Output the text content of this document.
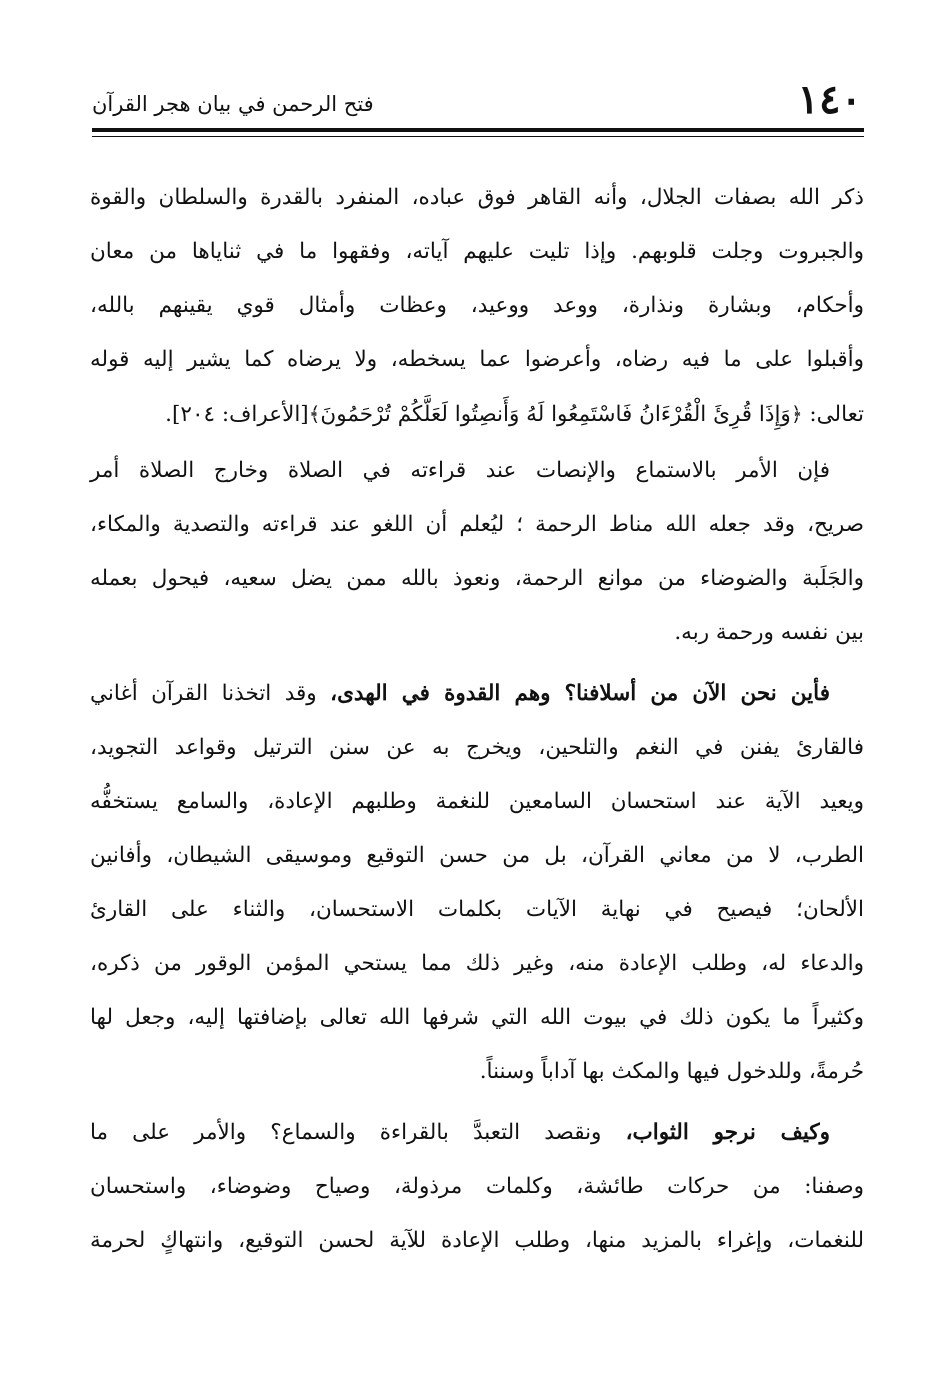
١٤٠
فتح الرحمن في بيان هجر القرآن

ذكر الله بصفات الجلال، وأنه القاهر فوق عباده، المنفرد بالقدرة والسلطان والقوة
والجبروت وجلت قلوبهم. وإذا تليت عليهم آياته، وفقهوا ما في ثناياها من معان
وأحكام، وبشارة ونذارة، ووعد ووعيد، وعظات وأمثال قوي يقينهم بالله،
وأقبلوا على ما فيه رضاه، وأعرضوا عما يسخطه، ولا يرضاه كما يشير إليه قوله
تعالى: ﴿وَإِذَا قُرِئَ الْقُرْءَانُ فَاسْتَمِعُوا لَهُ وَأَنصِتُوا لَعَلَّكُمْ تُرْحَمُونَ﴾[الأعراف: ٢٠٤].

فإن الأمر بالاستماع والإنصات عند قراءته في الصلاة وخارج الصلاة أمر
صريح، وقد جعله الله مناط الرحمة ؛ ليُعلم أن اللغو عند قراءته والتصدية والمكاء،
والجَلَبة والضوضاء من موانع الرحمة، ونعوذ بالله ممن يضل سعيه، فيحول بعمله
بين نفسه ورحمة ربه.

فأين نحن الآن من أسلافنا؟ وهم القدوة في الهدى، وقد اتخذنا القرآن أغاني
فالقارئ يفنن في النغم والتلحين، ويخرج به عن سنن الترتيل وقواعد التجويد،
ويعيد الآية عند استحسان السامعين للنغمة وطلبهم الإعادة، والسامع يستخفُّه
الطرب، لا من معاني القرآن، بل من حسن التوقيع وموسيقى الشيطان، وأفانين
الألحان؛ فيصيح في نهاية الآيات بكلمات الاستحسان، والثناء على القارئ
والدعاء له، وطلب الإعادة منه، وغير ذلك مما يستحي المؤمن الوقور من ذكره،
وكثيراً ما يكون ذلك في بيوت الله التي شرفها الله تعالى بإضافتها إليه، وجعل لها
حُرمةً، وللدخول فيها والمكث بها آداباً وسنناً.

وكيف نرجو الثواب، ونقصد التعبدَّ بالقراءة والسماع؟ والأمر على ما
وصفنا: من حركات طائشة، وكلمات مرذولة، وصياح وضوضاء، واستحسان
للنغمات، وإغراء بالمزيد منها، وطلب الإعادة للآية لحسن التوقيع، وانتهاكٍ لحرمة
